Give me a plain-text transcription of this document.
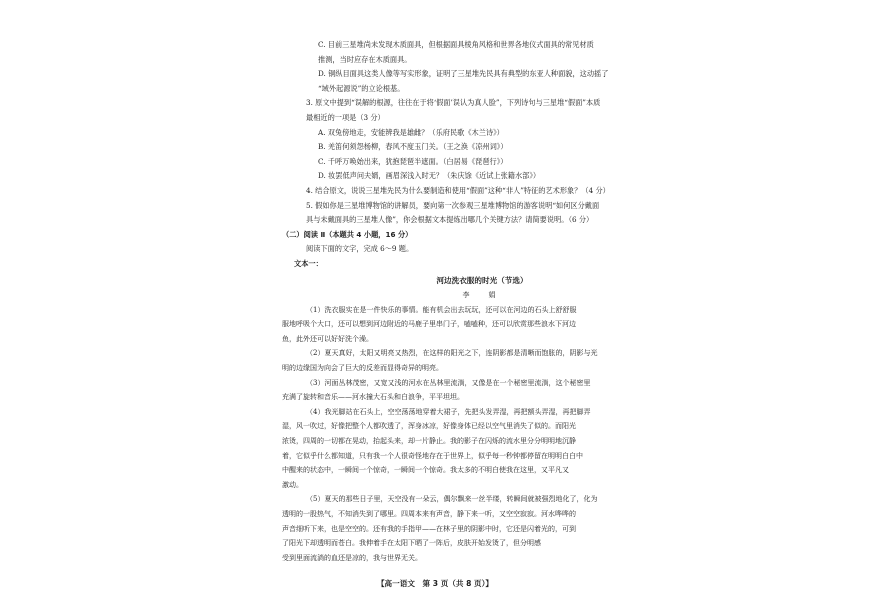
C. 目前三星堆尚未发现木质面具，但根据面具棱角风格和世界各地仪式面具的常见材质
推测，当时应存在木质面具。
D. 铜纵目面具这类人像等写实形象，证明了三星堆先民具有典型的东亚人种面貌，这动摇了
“域外起源说”的立论根基。
3. 原文中提到“误解的根源，往往在于将‘假面’误认为真人脸”，下列诗句与三星堆“假面”本质
最相近的一项是（3 分）
A. 双兔傍地走，安能辨我是雄雌？（乐府民歌《木兰诗》）
B. 羌笛何须怨杨柳，春风不度玉门关。（王之涣《凉州词》）
C. 千呼万唤始出来，犹抱琵琶半遮面。（白居易《琵琶行》）
D. 妆罢低声问夫婿，画眉深浅入时无？（朱庆馀《近试上张籍水部》）
4. 结合原文，说说三星堆先民为什么要制造和使用“假面”这种“非人”特征的艺术形象？（4 分）
5. 假如你是三星堆博物馆的讲解员，要向第一次参观三星堆博物馆的游客说明“如何区分戴面
具与未戴面具的三星堆人像”，你会根据文本提炼出哪几个关键方法？请简要说明。（6 分）
（二）阅读 Ⅱ（本题共 4 小题，16 分）
阅读下面的文字，完成 6～9 题。
文本一：
河边洗衣服的时光（节选）
李　娟
（1）洗衣服实在是一件快乐的事情。能有机会出去玩玩，还可以在河边的石头上舒舒服
服地呼吸个大口，还可以想到河边附近的马鹿子里串门子，嗑嗑种，还可以欣赏那些浪水下河边
鱼，此外还可以好好洗个澡。
（2）夏天真好，太阳又明亮又热烈，在这样的阳光之下，连阴影都是清晰而饱胀的，阴影与光
明的边缘国为向会了巨大的反差而显得奇异的明亮。
（3）河面丛林茂密，又宽又浅的河水在丛林里流淌，又像是在一个秘密里流淌，这个秘密里
充满了旋转和音乐——河水撞大石头和白浪争，平平坦坦。
（4）我光脚站在石头上，空空荡荡地穿着大裙子，先把头发弄湿，再把额头弄湿，再把脚弄
湿，风一吹过，好像把整个人都吹透了，浑身冰凉，好像身体已经以空气里消失了似的。而阳光
浓烫，四周的一切都在晃动，抬起头来，却一片静止。我的影子在闪烁的流水里分分明明地沉静
着，它似乎什么都知道，只有我一个人很奇怪地存在于世界上，似乎每一秒钟都停留在明明白白中
中醒来的状态中，一瞬间一个惊奇，一瞬间一个惊奇。我太多的不明白使我在这里，又平凡又
激动。
（5）夏天的那些日子里，天空没有一朵云，偶尔飘来一丝半缕，转瞬间就被强烈地化了，化为
透明的一股热气，不知消失到了哪里。四周本来有声音，静下来一听，又空空寂寂。河水哗哗的
声音细听下来，也是空空的。还有我的手指甲——在林子里的阴影中时，它还是闪着光的，可到
了阳光下却透明而苍白。我伸着手在太阳下晒了一阵后，皮肤开始发烫了，但分明感
受到里面流淌的血还是凉的，我与世界无关。
【高一语文　第 3 页（共 8 页）】
